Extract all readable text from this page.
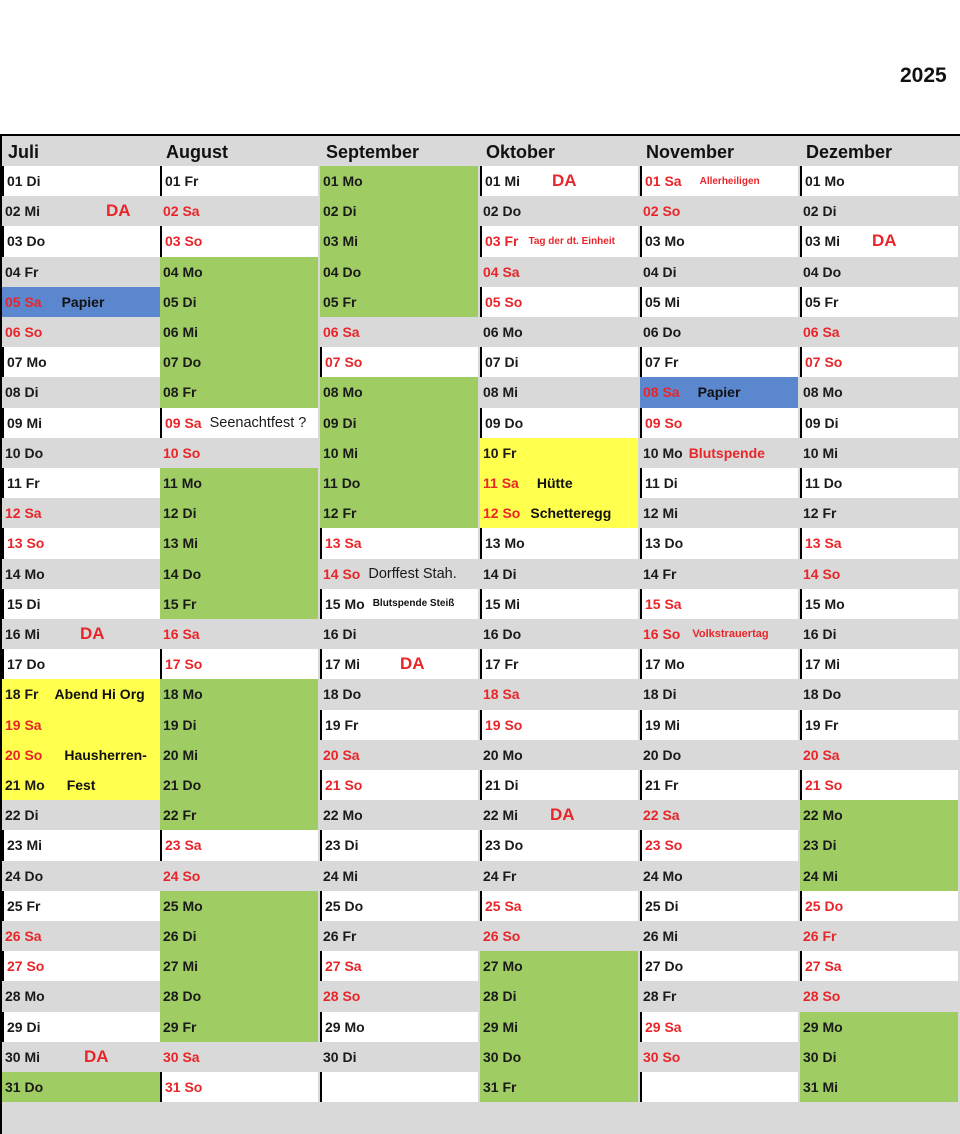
2025
Juli
01 Di
02 Mi	DA
03 Do
04 Fr
05 Sa Papier
06 So
07 Mo
08 Di
09 Mi
10 Do
11 Fr
12 Sa
13 So
14 Mo
15 Di
16 Mi DA
17 Do
18 Fr Abend Hi Org
19 Sa
20 So Hausherren-
21 Mo Fest
22 Di
23 Mi
24 Do
25 Fr
26 Sa
27 So
28 Mo
29 Di
30 Mi	DA
31 Do
August
01 Fr
02 Sa
03 So
04 Mo
05 Di
06 Mi
07 Do
08 Fr
09 Sa Seenachtfest ?
10 So
11 Mo
12 Di
13 Mi
14 Do
15 Fr
16 Sa
17 So
18 Mo
19 Di
20 Mi
21 Do
22 Fr
23 Sa
24 So
25 Mo
26 Di
27 Mi
28 Do
29 Fr
30 Sa
31 So
September
01 Mo
02 Di
03 Mi
04 Do
05 Fr
06 Sa
07 So
08 Mo
09 Di
10 Mi
11 Do
12 Fr
13 Sa
14 So Dorffest Stah.
15 Mo Blutspende Steiß
16 Di
17 Mi DA
18 Do
19 Fr
20 Sa
21 So
22 Mo
23 Di
24 Mi
25 Do
26 Fr
27 Sa
28 So
29 Mo
30 Di
Oktober
01 Mi DA
02 Do
03 Fr Tag der dt. Einheit
04 Sa
05 So
06 Mo
07 Di
08 Mi
09 Do
10 Fr
11 Sa Hütte
12 So Schetteregg
13 Mo
14 Di
15 Mi
16 Do
17 Fr
18 Sa
19 So
20 Mo
21 Di
22 Mi DA
23 Do
24 Fr
25 Sa
26 So
27 Mo
28 Di
29 Mi
30 Do
31 Fr
November
01 Sa Allerheiligen
02 So
03 Mo
04 Di
05 Mi
06 Do
07 Fr
08 Sa Papier
09 So
10 Mo Blutspende
11 Di
12 Mi
13 Do
14 Fr
15 Sa
16 So Volkstrauertag
17 Mo
18 Di
19 Mi
20 Do
21 Fr
22 Sa
23 So
24 Mo
25 Di
26 Mi
27 Do
28 Fr
29 Sa
30 So
Dezember
01 Mo
02 Di
03 Mi DA
04 Do
05 Fr
06 Sa
07 So
08 Mo
09 Di
10 Mi
11 Do
12 Fr
13 Sa
14 So
15 Mo
16 Di
17 Mi
18 Do
19 Fr
20 Sa
21 So
22 Mo
23 Di
24 Mi
25 Do
26 Fr
27 Sa
28 So
29 Mo
30 Di
31 Mi
